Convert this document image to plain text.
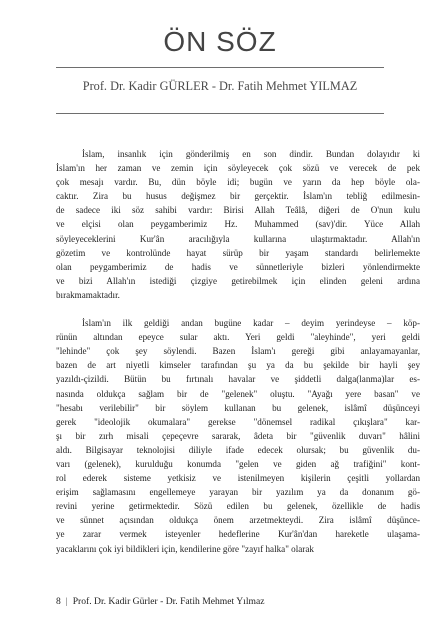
ÖN SÖZ
Prof. Dr. Kadir GÜRLER - Dr. Fatih Mehmet YILMAZ
İslam, insanlık için gönderilmiş en son dindir. Bundan dolayıdır ki
İslam'ın her zaman ve zemin için söyleyecek çok sözü ve verecek de pek
çok mesajı vardır. Bu, dün böyle idi; bugün ve yarın da hep böyle ola-
caktır. Zira bu husus değişmez bir gerçektir. İslam'ın tebliğ edilmesin-
de sadece iki söz sahibi vardır: Birisi Allah Teâlâ, diğeri de O'nun kulu
ve elçisi olan peygamberimiz Hz. Muhammed (sav)'dir. Yüce Allah
söyleyeceklerini Kur'ân aracılığıyla kullarına ulaştırmaktadır. Allah'ın
gözetim ve kontrolünde hayat sürüp bir yaşam standardı belirlemekte
olan peygamberimiz de hadis ve sünnetleriyle bizleri yönlendirmekte
ve bizi Allah'ın istediği çizgiye getirebilmek için elinden geleni ardına
bırakmamaktadır.
İslam'ın ilk geldiği andan bugüne kadar – deyim yerindeyse – köp-
rünün altından epeyce sular aktı. Yeri geldi "aleyhinde", yeri geldi
"lehinde" çok şey söylendi. Bazen İslam'ı gereği gibi anlayamayanlar,
bazen de art niyetli kimseler tarafından şu ya da bu şekilde bir hayli şey
yazıldı-çizildi. Bütün bu fırtınalı havalar ve şiddetli dalga(lanma)lar es-
nasında oldukça sağlam bir de "gelenek" oluştu. "Ayağı yere basan" ve
"hesabı verilebilir" bir söylem kullanan bu gelenek, islâmî düşünceyi
gerek "ideolojik okumalara" gerekse "dönemsel radikal çıkışlara" kar-
şı bir zırh misali çepeçevre sararak, âdeta bir "güvenlik duvarı" hâlini
aldı. Bilgisayar teknolojisi diliyle ifade edecek olursak; bu güvenlik du-
varı (gelenek), kurulduğu konumda "gelen ve giden ağ trafiğini" kont-
rol ederek sisteme yetkisiz ve istenilmeyen kişilerin çeşitli yollardan
erişim sağlamasını engellemeye yarayan bir yazılım ya da donanım gö-
revini yerine getirmektedir. Sözü edilen bu gelenek, özellikle de hadis
ve sünnet açısından oldukça önem arzetmekteydi. Zira islâmî düşünce-
ye zarar vermek isteyenler hedeflerine Kur'ân'dan hareketle ulaşama-
yacaklarını çok iyi bildikleri için, kendilerine göre "zayıf halka" olarak
8 | Prof. Dr. Kadir Gürler - Dr. Fatih Mehmet Yılmaz
